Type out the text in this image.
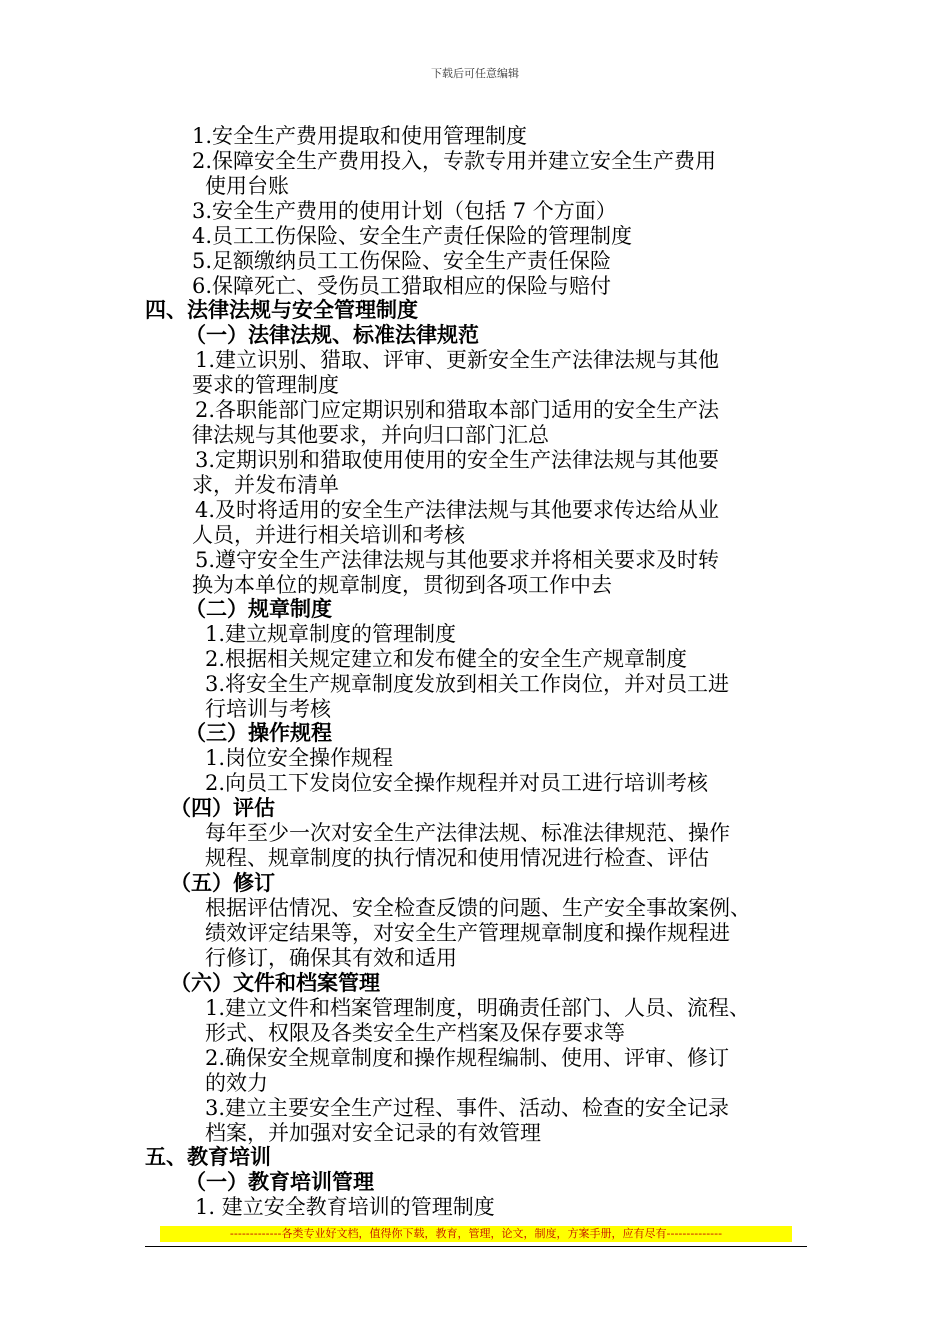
下载后可任意编辑
1.安全生产费用提取和使用管理制度
2.保障安全生产费用投入，专款专用并建立安全生产费用
使用台账
3.安全生产费用的使用计划（包括 7 个方面）
4.员工工伤保险、安全生产责任保险的管理制度
5.足额缴纳员工工伤保险、安全生产责任保险
6.保障死亡、受伤员工猎取相应的保险与赔付
四、法律法规与安全管理制度
（一）法律法规、标准法律规范
1.建立识别、猎取、评审、更新安全生产法律法规与其他
要求的管理制度
2.各职能部门应定期识别和猎取本部门适用的安全生产法
律法规与其他要求，并向归口部门汇总
3.定期识别和猎取使用使用的安全生产法律法规与其他要
求，并发布清单
4.及时将适用的安全生产法律法规与其他要求传达给从业
人员，并进行相关培训和考核
5.遵守安全生产法律法规与其他要求并将相关要求及时转
换为本单位的规章制度，贯彻到各项工作中去
（二）规章制度
1.建立规章制度的管理制度
2.根据相关规定建立和发布健全的安全生产规章制度
3.将安全生产规章制度发放到相关工作岗位，并对员工进
行培训与考核
（三）操作规程
1.岗位安全操作规程
2.向员工下发岗位安全操作规程并对员工进行培训考核
（四）评估
每年至少一次对安全生产法律法规、标准法律规范、操作
规程、规章制度的执行情况和使用情况进行检查、评估
（五）修订
根据评估情况、安全检查反馈的问题、生产安全事故案例、
绩效评定结果等，对安全生产管理规章制度和操作规程进
行修订，确保其有效和适用
（六）文件和档案管理
1.建立文件和档案管理制度，明确责任部门、人员、流程、
形式、权限及各类安全生产档案及保存要求等
2.确保安全规章制度和操作规程编制、使用、评审、修订
的效力
3.建立主要安全生产过程、事件、活动、检查的安全记录
档案，并加强对安全记录的有效管理
五、教育培训
（一）教育培训管理
1. 建立安全教育培训的管理制度
-------------各类专业好文档，值得你下载，教育，管理，论文，制度，方案手册，应有尽有--------------
